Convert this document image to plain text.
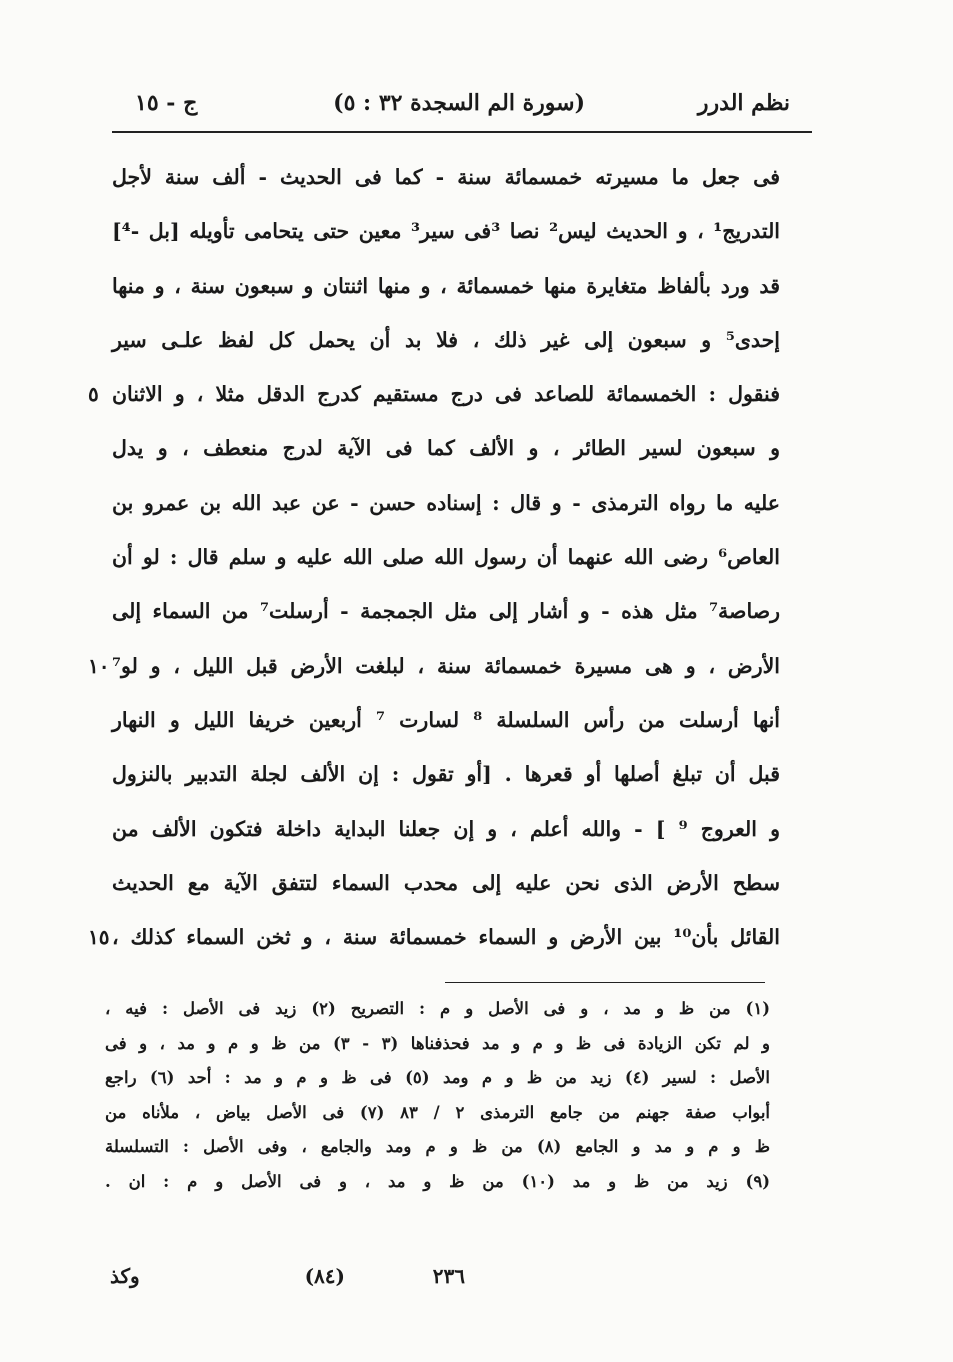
نظم الدرر
(سورة الم السجدة ٣٢ : ٥)
ج - ١٥
فى جعل ما مسيرته خمسمائة سنة - كما فى الحديث - ألف سنة لأجل
التدريج¹ ، و الحديث ليس² نصا ³فى سير³ معين حتى يتحامى تأويله [بل -⁴]
قد ورد بألفاظ متغايرة منها خمسمائة ، و منها اثنتان و سبعون سنة ، و منها
إحدى⁵ و سبعون إلى غير ذلك ، فلا بد أن يحمل كل لفظ علـى سير
فنقول : الخمسمائة للصاعد فى درج مستقيم كدرج الدقل مثلا ، و الاثنان
٥
و سبعون لسير الطائر ، و الألف كما فى الآية لدرج منعطف ، و يدل
عليه ما رواه الترمذى - و قال : إسناده حسن - عن عبد الله بن عمرو بن
العاص⁶ رضى الله عنهما أن رسول الله صلى الله عليه و سلم قال : لو أن
رصاصة⁷ مثل هذه - و أشار إلى مثل الجمجمة - أرسلت⁷ من السماء إلى
الأرض ، و هى مسيرة خمسمائة سنة ، لبلغت الأرض قبل الليل ، و لو⁷
١٠
أنها أرسلت من رأس السلسلة ⁸ لسارت ⁷ أربعين خريفا الليل و النهار
قبل أن تبلغ أصلها أو قعرها . [أو تقول : إن الألف لجلة التدبير بالنزول
و العروج ⁹ ] - والله أعلم ، و إن جعلنا البداية داخلة فتكون الألف من
سطح الأرض الذى نحن عليه إلى محدب السماء لتتفق الآية مع الحديث
القائل بأن¹⁰ بين الأرض و السماء خمسمائة سنة ، و ثخن السماء كذلك ،
١٥
(١) من ظ و مد ، و فى الأصل و م : التصريح (٢) زيد فى الأصل : فيه ،
و لم تكن الزيادة فى ظ و م و مد فحذفناها (٣ - ٣) من ظ و م و مد ، و فى
الأصل : لسير (٤) زيد من ظ و م ومد (٥) فى ظ و م و مد : أحد (٦) راجع
أبواب صفة جهنم من جامع الترمذى ٢ / ٨٣ (٧) فى الأصل بياض ، ملأناه من
ظ و م و مد و الجامع (٨) من ظ و م ومد والجامع ، وفى الأصل : التسلسلة
(٩) زيد من ظ و مد (١٠) من ظ و مد ، و فى الأصل و م : ان .
٢٣٦
(٨٤)
وكذ
